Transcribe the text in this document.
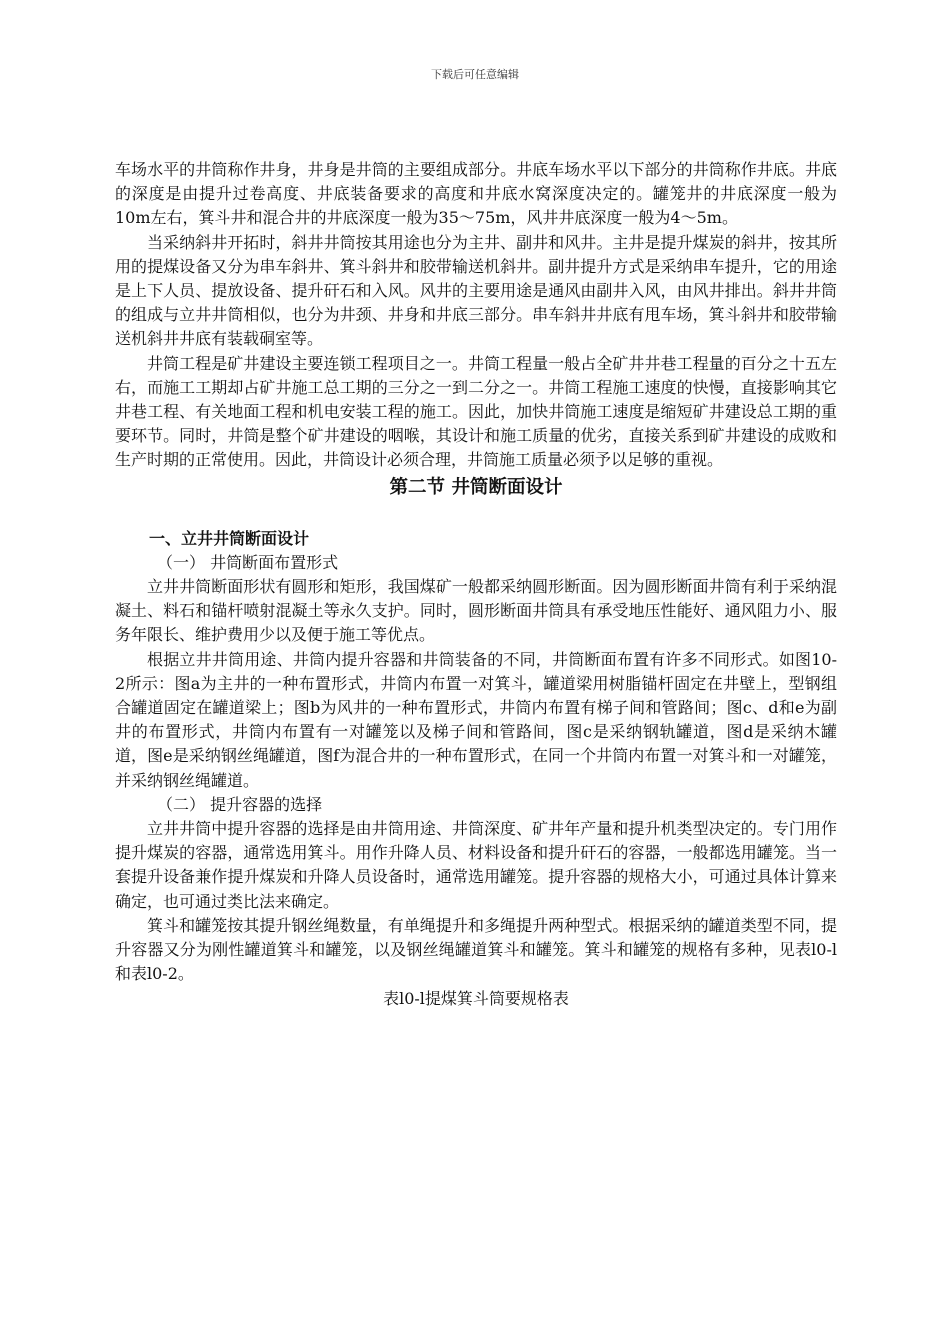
下载后可任意编辑

车场水平的井筒称作井身，井身是井筒的主要组成部分。井底车场水平以下部分的井筒称作井底。井底的深度是由提升过卷高度、井底装备要求的高度和井底水窝深度决定的。罐笼井的井底深度一般为10m左右，箕斗井和混合井的井底深度一般为35～75m，风井井底深度一般为4～5m。

当采纳斜井开拓时，斜井井筒按其用途也分为主井、副井和风井。主井是提升煤炭的斜井，按其所用的提煤设备又分为串车斜井、箕斗斜井和胶带输送机斜井。副井提升方式是采纳串车提升，它的用途是上下人员、提放设备、提升矸石和入风。风井的主要用途是通风由副井入风，由风井排出。斜井井筒的组成与立井井筒相似，也分为井颈、井身和井底三部分。串车斜井井底有甩车场，箕斗斜井和胶带输送机斜井井底有装载硐室等。

井筒工程是矿井建设主要连锁工程项目之一。井筒工程量一般占全矿井井巷工程量的百分之十五左右，而施工工期却占矿井施工总工期的三分之一到二分之一。井筒工程施工速度的快慢，直接影响其它井巷工程、有关地面工程和机电安装工程的施工。因此，加快井筒施工速度是缩短矿井建设总工期的重要环节。同时，井筒是整个矿井建设的咽喉，其设计和施工质量的优劣，直接关系到矿井建设的成败和生产时期的正常使用。因此，井筒设计必须合理，井筒施工质量必须予以足够的重视。

第二节 井筒断面设计

一、立井井筒断面设计

（一） 井筒断面布置形式

立井井筒断面形状有圆形和矩形，我国煤矿一般都采纳圆形断面。因为圆形断面井筒有利于采纳混凝土、料石和锚杆喷射混凝土等永久支护。同时，圆形断面井筒具有承受地压性能好、通风阻力小、服务年限长、维护费用少以及便于施工等优点。

根据立井井筒用途、井筒内提升容器和井筒装备的不同，井筒断面布置有许多不同形式。如图10-2所示：图a为主井的一种布置形式，井筒内布置一对箕斗，罐道梁用树脂锚杆固定在井壁上，型钢组合罐道固定在罐道梁上；图b为风井的一种布置形式，井筒内布置有梯子间和管路间；图c、d和e为副井的布置形式，井筒内布置有一对罐笼以及梯子间和管路间，图c是采纳钢轨罐道，图d是采纳木罐道，图e是采纳钢丝绳罐道，图f为混合井的一种布置形式，在同一个井筒内布置一对箕斗和一对罐笼，并采纳钢丝绳罐道。

（二） 提升容器的选择

立井井筒中提升容器的选择是由井筒用途、井筒深度、矿井年产量和提升机类型决定的。专门用作提升煤炭的容器，通常选用箕斗。用作升降人员、材料设备和提升矸石的容器，一般都选用罐笼。当一套提升设备兼作提升煤炭和升降人员设备时，通常选用罐笼。提升容器的规格大小，可通过具体计算来确定，也可通过类比法来确定。

箕斗和罐笼按其提升钢丝绳数量，有单绳提升和多绳提升两种型式。根据采纳的罐道类型不同，提升容器又分为刚性罐道箕斗和罐笼，以及钢丝绳罐道箕斗和罐笼。箕斗和罐笼的规格有多种，见表l0-l和表l0-2。

表l0-l提煤箕斗筒要规格表
